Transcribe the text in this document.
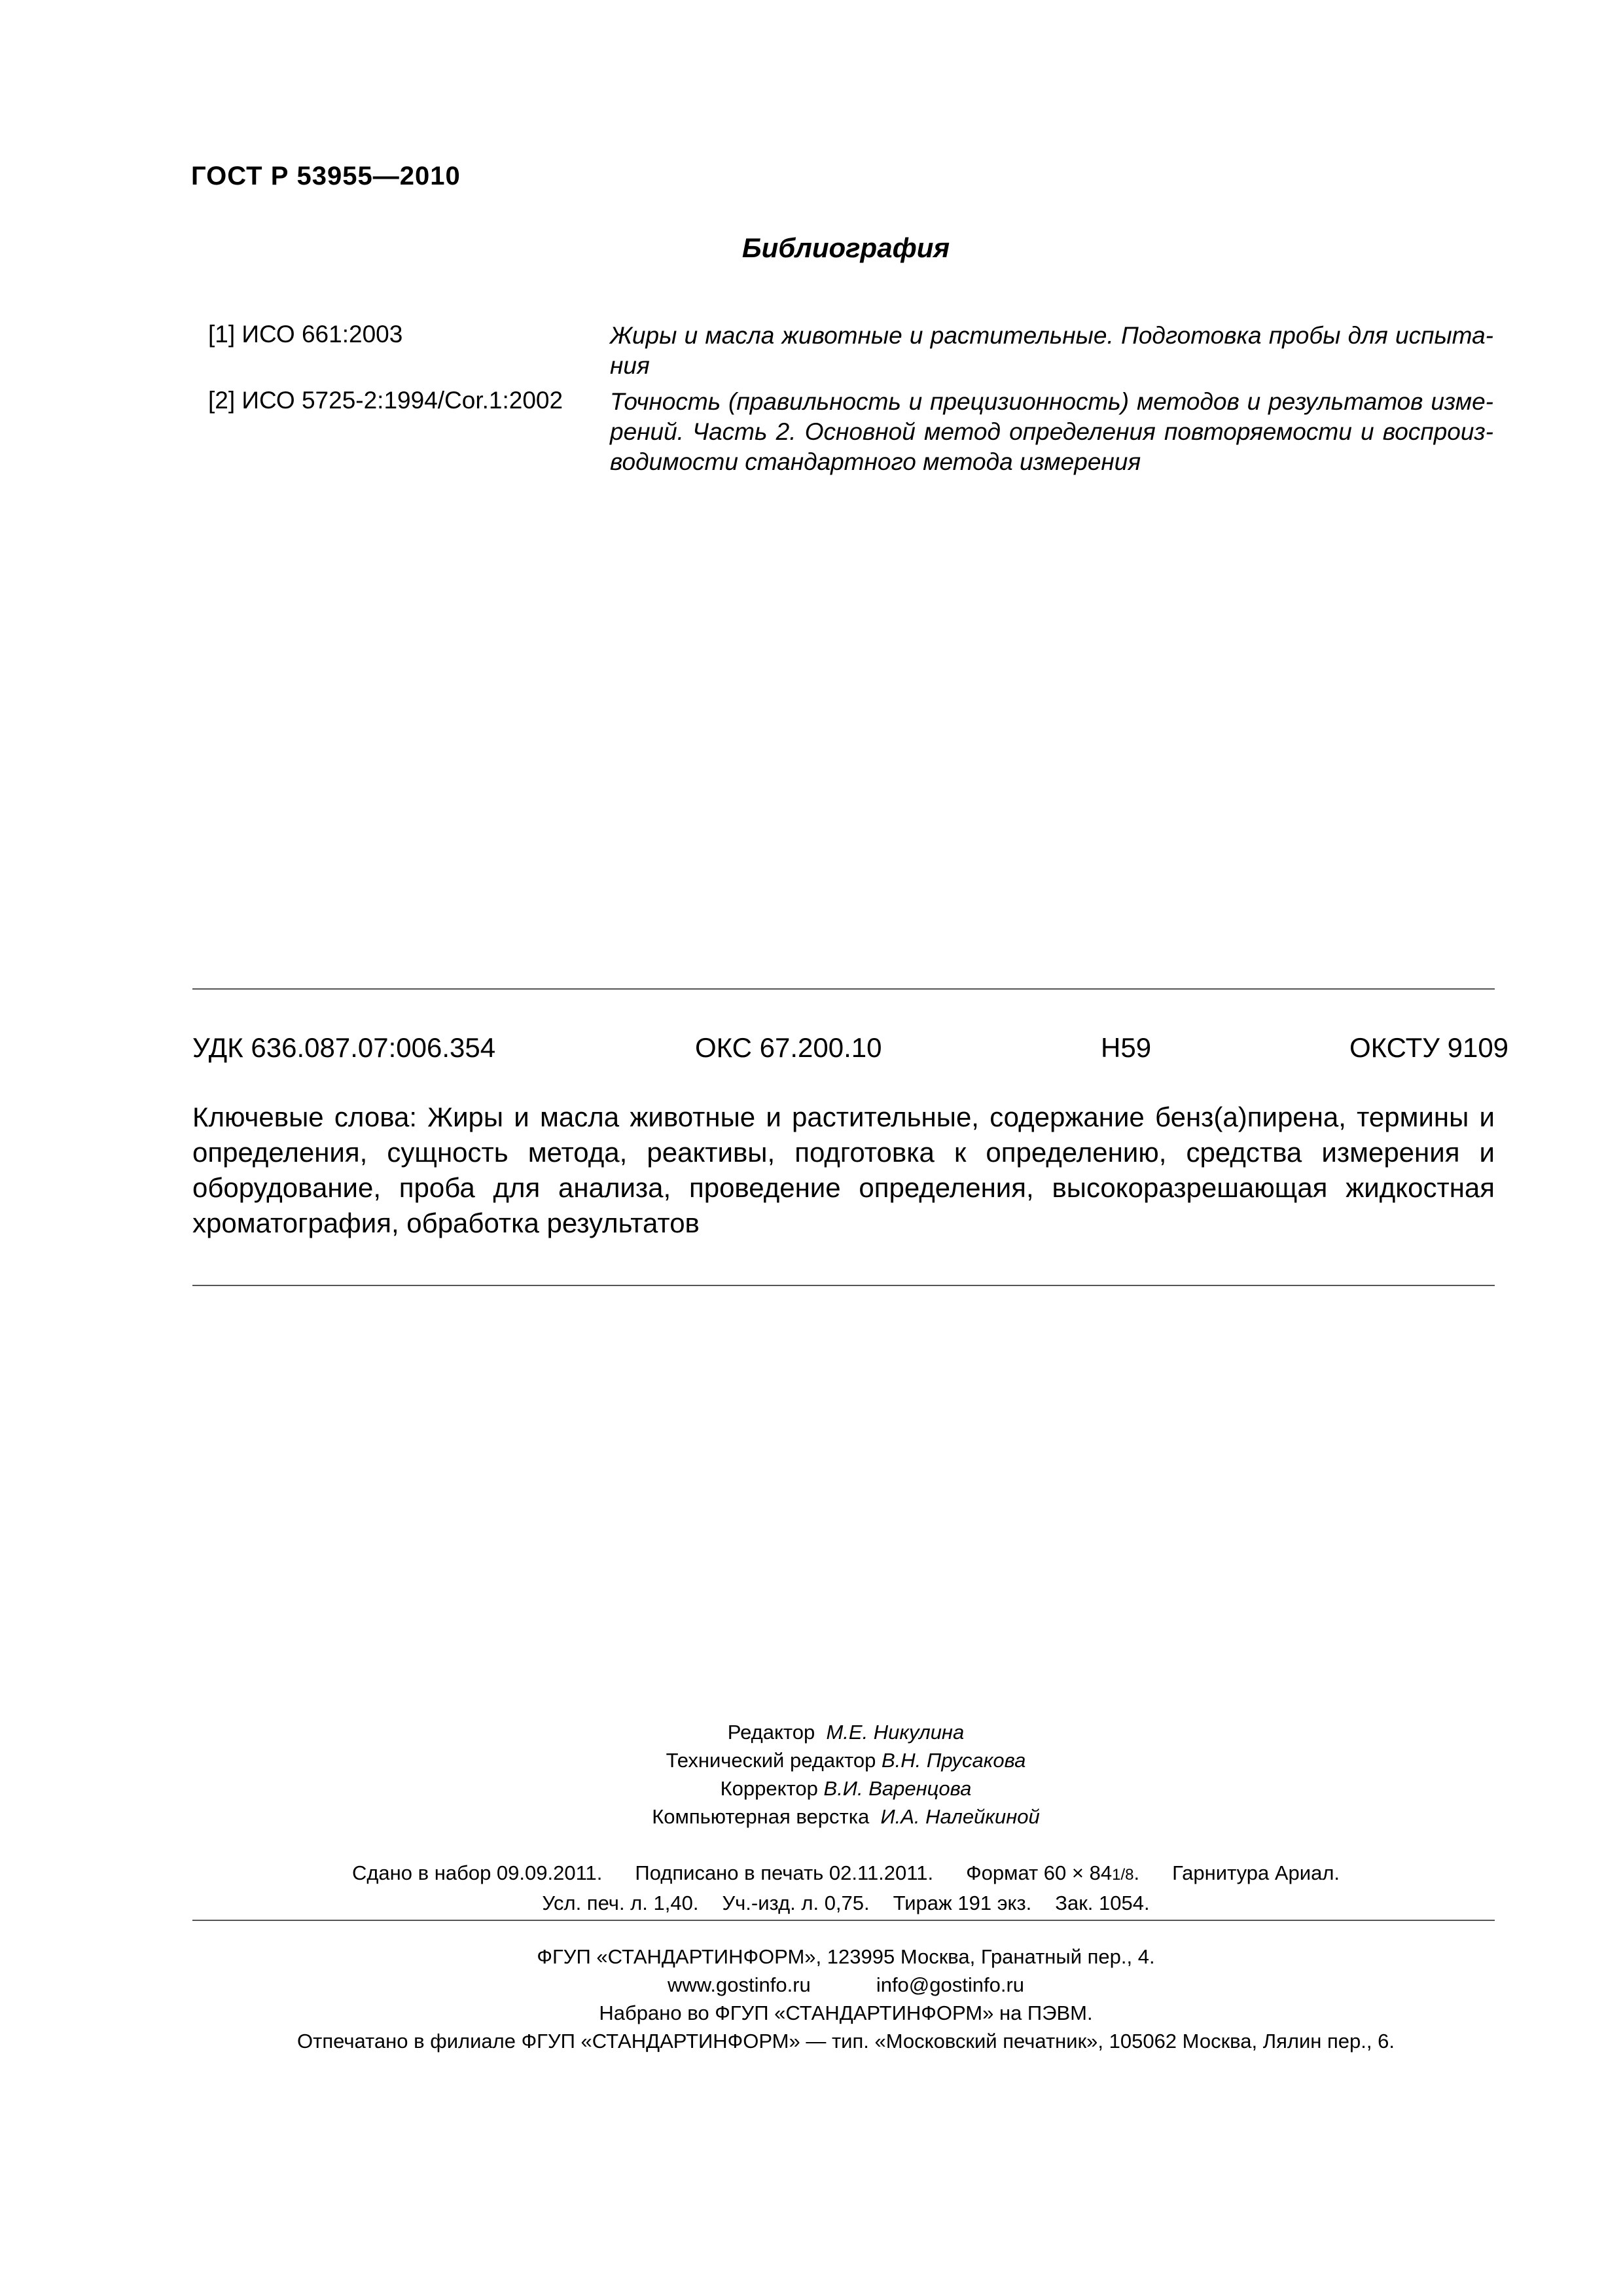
ГОСТ Р 53955—2010
Библиография
[1] ИСО 661:2003	Жиры и масла животные и растительные. Подготовка пробы для испытания
[2] ИСО 5725-2:1994/Cor.1:2002 Точность (правильность и прецизионность) методов и результатов измерений. Часть 2. Основной метод определения повторяемости и воспроизводимости стандартного метода измерения
УДК 636.087.07:006.354	ОКС 67.200.10	Н59	ОКСТУ 9109
Ключевые слова: Жиры и масла животные и растительные, содержание бенз(а)пирена, термины и определения, сущность метода, реактивы, подготовка к определению, средства измерения и оборудование, проба для анализа, проведение определения, высокоразрешающая жидкостная хроматография, обработка результатов
Редактор М.Е. Никулина
Технический редактор В.Н. Прусакова
Корректор В.И. Варенцова
Компьютерная верстка И.А. Налейкиной
Сдано в набор 09.09.2011. Подписано в печать 02.11.2011. Формат 60 × 841/8. Гарнитура Ариал.
Усл. печ. л. 1,40. Уч.-изд. л. 0,75. Тираж 191 экз. Зак. 1054.
ФГУП «СТАНДАРТИНФОРМ», 123995 Москва, Гранатный пер., 4.
www.gostinfo.ru	info@gostinfo.ru
Набрано во ФГУП «СТАНДАРТИНФОРМ» на ПЭВМ.
Отпечатано в филиале ФГУП «СТАНДАРТИНФОРМ» — тип. «Московский печатник», 105062 Москва, Лялин пер., 6.
